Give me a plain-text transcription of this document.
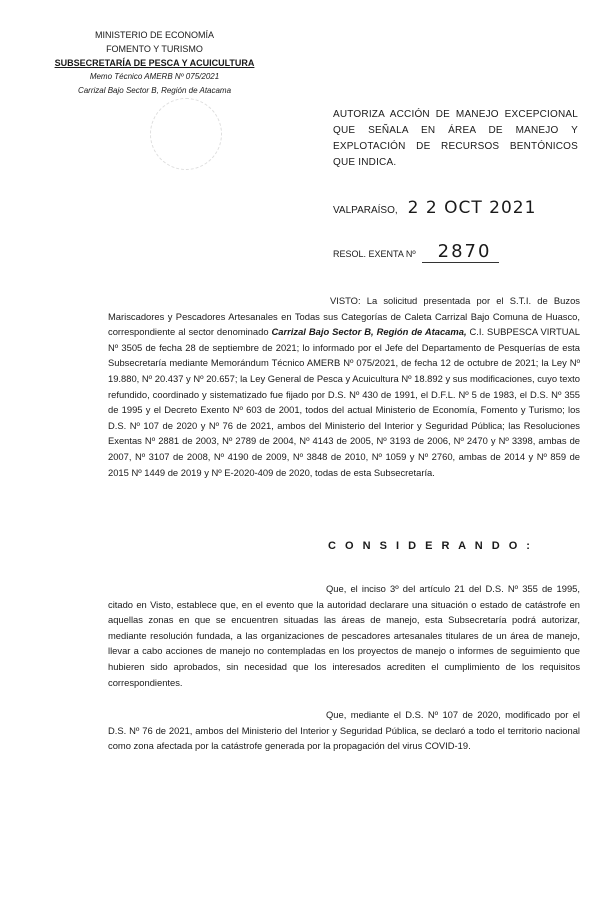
MINISTERIO DE ECONOMÍA
FOMENTO Y TURISMO
SUBSECRETARÍA DE PESCA Y ACUICULTURA
Memo Técnico AMERB Nº 075/2021
Carrizal Bajo Sector B, Región de Atacama
AUTORIZA ACCIÓN DE MANEJO EXCEPCIONAL QUE SEÑALA EN ÁREA DE MANEJO Y EXPLOTACIÓN DE RECURSOS BENTÓNICOS QUE INDICA.
VALPARAÍSO, 2 2 OCT 2021
RESOL. EXENTA Nº	2870
VISTO: La solicitud presentada por el S.T.I. de Buzos Mariscadores y Pescadores Artesanales en Todas sus Categorías de Caleta Carrizal Bajo Comuna de Huasco, correspondiente al sector denominado Carrizal Bajo Sector B, Región de Atacama, C.I. SUBPESCA VIRTUAL Nº 3505 de fecha 28 de septiembre de 2021; lo informado por el Jefe del Departamento de Pesquerías de esta Subsecretaría mediante Memorándum Técnico AMERB Nº 075/2021, de fecha 12 de octubre de 2021; la Ley Nº 19.880, Nº 20.437 y Nº 20.657; la Ley General de Pesca y Acuicultura Nº 18.892 y sus modificaciones, cuyo texto refundido, coordinado y sistematizado fue fijado por D.S. Nº 430 de 1991, el D.F.L. Nº 5 de 1983, el D.S. Nº 355 de 1995 y el Decreto Exento Nº 603 de 2001, todos del actual Ministerio de Economía, Fomento y Turismo; los D.S. Nº 107 de 2020 y Nº 76 de 2021, ambos del Ministerio del Interior y Seguridad Pública; las Resoluciones Exentas Nº 2881 de 2003, Nº 2789 de 2004, Nº 4143 de 2005, Nº 3193 de 2006, Nº 2470 y Nº 3398, ambas de 2007, Nº 3107 de 2008, Nº 4190 de 2009, Nº 3848 de 2010, Nº 1059 y Nº 2760, ambas de 2014 y Nº 859 de 2015 Nº 1449 de 2019 y Nº E-2020-409 de 2020, todas de esta Subsecretaría.
C O N S I D E R A N D O :
Que, el inciso 3º del artículo 21 del D.S. Nº 355 de 1995, citado en Visto, establece que, en el evento que la autoridad declarare una situación o estado de catástrofe en aquellas zonas en que se encuentren situadas las áreas de manejo, esta Subsecretaría podrá autorizar, mediante resolución fundada, a las organizaciones de pescadores artesanales titulares de un área de manejo, llevar a cabo acciones de manejo no contempladas en los proyectos de manejo o informes de seguimiento que hubieren sido aprobados, sin necesidad que los interesados acrediten el cumplimiento de los requisitos correspondientes.
Que, mediante el D.S. Nº 107 de 2020, modificado por el D.S. Nº 76 de 2021, ambos del Ministerio del Interior y Seguridad Pública, se declaró a todo el territorio nacional como zona afectada por la catástrofe generada por la propagación del virus COVID-19.
